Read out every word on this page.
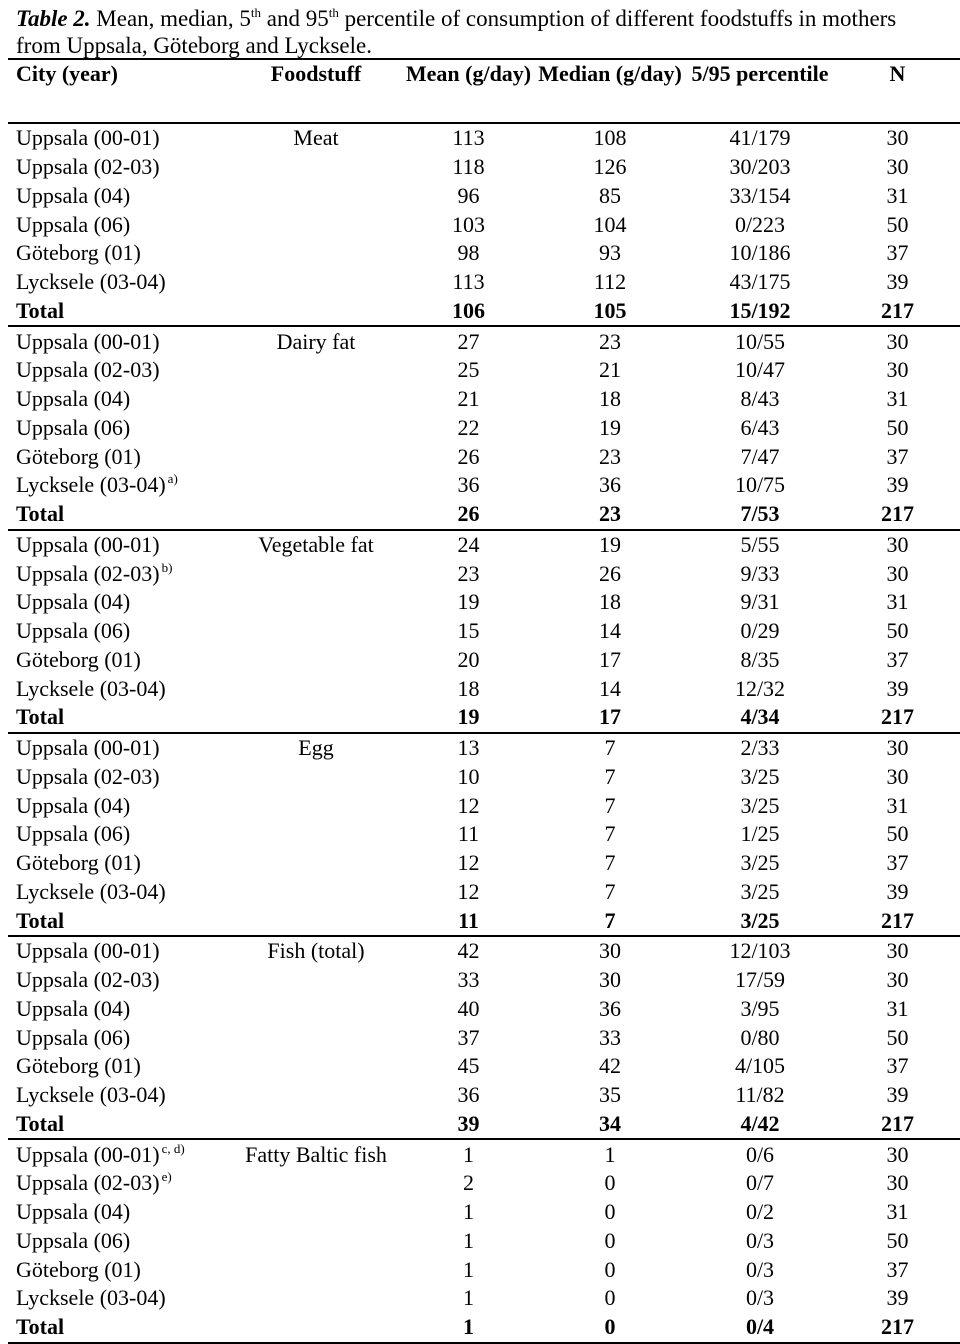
Table 2. Mean, median, 5th and 95th percentile of consumption of different foodstuffs in mothers from Uppsala, Göteborg and Lycksele.
City (year)	Foodstuff	Mean (g/day)	Median (g/day)	5/95 percentile	N
Uppsala (00-01)	Meat	113	108	41/179	30
Uppsala (02-03)		118	126	30/203	30
Uppsala (04)		96	85	33/154	31
Uppsala (06)		103	104	0/223	50
Göteborg (01)		98	93	10/186	37
Lycksele (03-04)		113	112	43/175	39
Total		106	105	15/192	217
Uppsala (00-01)	Dairy fat	27	23	10/55	30
Uppsala (02-03)		25	21	10/47	30
Uppsala (04)		21	18	8/43	31
Uppsala (06)		22	19	6/43	50
Göteborg (01)		26	23	7/47	37
Lycksele (03-04) $^{a)}$		36	36	10/75	39
Total		26	23	7/53	217
Uppsala (00-01)	Vegetable fat	24	19	5/55	30
Uppsala (02-03) $^{b)}$		23	26	9/33	30
Uppsala (04)		19	18	9/31	31
Uppsala (06)		15	14	0/29	50
Göteborg (01)		20	17	8/35	37
Lycksele (03-04)		18	14	12/32	39
Total		19	17	4/34	217
Uppsala (00-01)	Egg	13	7	2/33	30
Uppsala (02-03)		10	7	3/25	30
Uppsala (04)		12	7	3/25	31
Uppsala (06)		11	7	1/25	50
Göteborg (01)		12	7	3/25	37
Lycksele (03-04)		12	7	3/25	39
Total		11	7	3/25	217
Uppsala (00-01)	Fish (total)	42	30	12/103	30
Uppsala (02-03)		33	30	17/59	30
Uppsala (04)		40	36	3/95	31
Uppsala (06)		37	33	0/80	50
Göteborg (01)		45	42	4/105	37
Lycksele (03-04)		36	35	11/82	39
Total		39	34	4/42	217
Uppsala (00-01) $^{c, d)}$	Fatty Baltic fish	1	1	0/6	30
Uppsala (02-03) $^{e)}$		2	0	0/7	30
Uppsala (04)		1	0	0/2	31
Uppsala (06)		1	0	0/3	50
Göteborg (01)		1	0	0/3	37
Lycksele (03-04)		1	0	0/3	39
Total		1	0	0/4	217
